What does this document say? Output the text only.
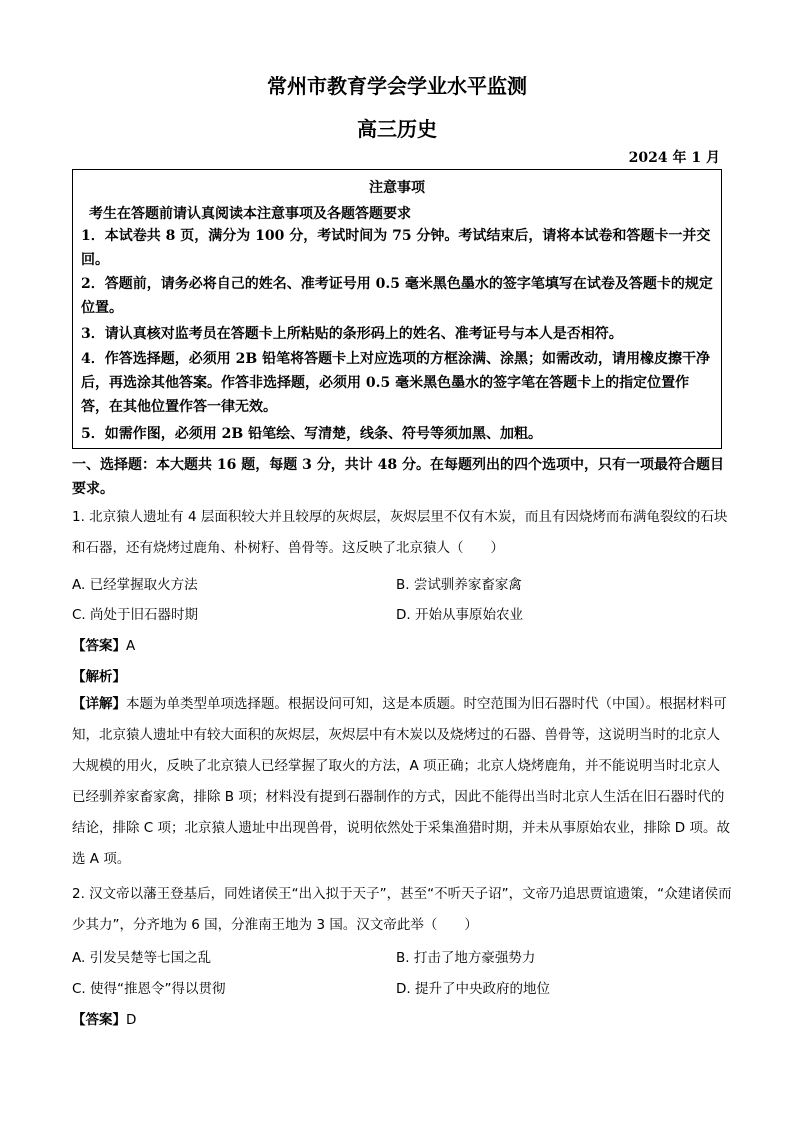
常州市教育学会学业水平监测
高三历史
2024 年 1 月
注意事项
考生在答题前请认真阅读本注意事项及各题答题要求
1．本试卷共 8 页，满分为 100 分，考试时间为 75 分钟。考试结束后，请将本试卷和答题卡一并交回。
2．答题前，请务必将自己的姓名、准考证号用 0.5 毫米黑色墨水的签字笔填写在试卷及答题卡的规定位置。
3．请认真核对监考员在答题卡上所粘贴的条形码上的姓名、准考证号与本人是否相符。
4．作答选择题，必须用 2B 铅笔将答题卡上对应选项的方框涂满、涂黑；如需改动，请用橡皮擦干净后，再选涂其他答案。作答非选择题，必须用 0.5 毫米黑色墨水的签字笔在答题卡上的指定位置作答，在其他位置作答一律无效。
5．如需作图，必须用 2B 铅笔绘、写清楚，线条、符号等须加黑、加粗。
一、选择题：本大题共 16 题，每题 3 分，共计 48 分。在每题列出的四个选项中，只有一项最符合题目要求。
1. 北京猿人遗址有 4 层面积较大并且较厚的灰烬层，灰烬层里不仅有木炭，而且有因烧烤而布满龟裂纹的石块和石器，还有烧烤过鹿角、朴树籽、兽骨等。这反映了北京猿人（　　）
A. 已经掌握取火方法	B. 尝试驯养家畜家禽
C. 尚处于旧石器时期	D. 开始从事原始农业
【答案】A
【解析】
【详解】本题为单类型单项选择题。根据设问可知，这是本质题。时空范围为旧石器时代（中国）。根据材料可知，北京猿人遗址中有较大面积的灰烬层，灰烬层中有木炭以及烧烤过的石器、兽骨等，这说明当时的北京人大规模的用火，反映了北京猿人已经掌握了取火的方法，A 项正确；北京人烧烤鹿角，并不能说明当时北京人已经驯养家畜家禽，排除 B 项；材料没有提到石器制作的方式，因此不能得出当时北京人生活在旧石器时代的结论，排除 C 项；北京猿人遗址中出现兽骨，说明依然处于采集渔猎时期，并未从事原始农业，排除 D 项。故选 A 项。
2. 汉文帝以藩王登基后，同姓诸侯王“出入拟于天子”，甚至“不听天子诏”，文帝乃追思贾谊遗策，“众建诸侯而少其力”，分齐地为 6 国，分淮南王地为 3 国。汉文帝此举（　　）
A. 引发吴楚等七国之乱	B. 打击了地方豪强势力
C. 使得“推恩令”得以贯彻	D. 提升了中央政府的地位
【答案】D
